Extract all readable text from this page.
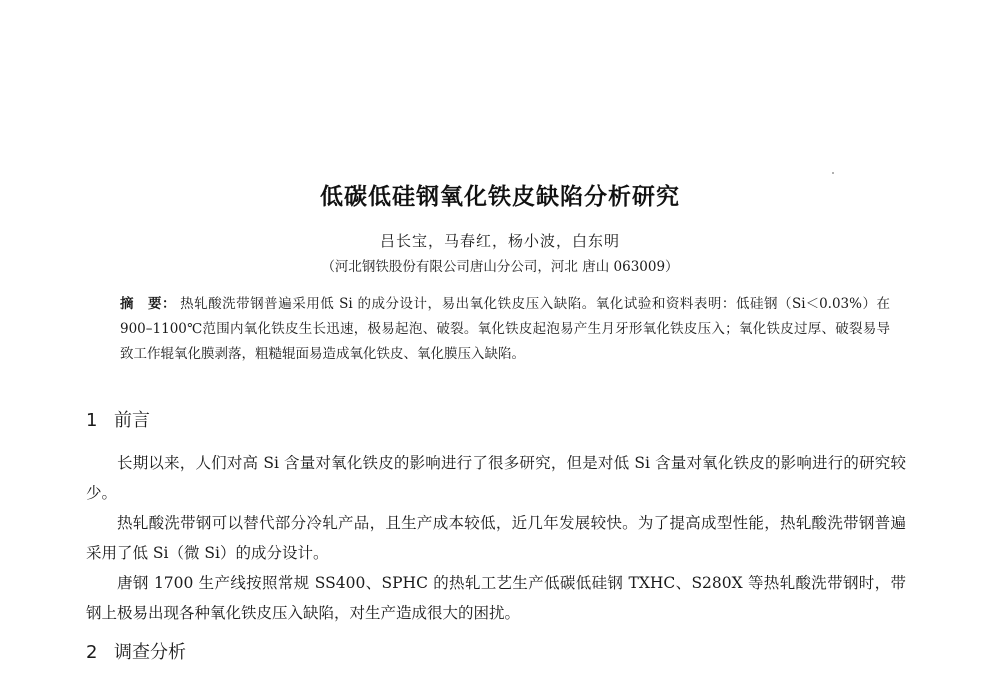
低碳低硅钢氧化铁皮缺陷分析研究
吕长宝，马春红，杨小波，白东明
（河北钢铁股份有限公司唐山分公司，河北 唐山 063009）
摘　要： 热轧酸洗带钢普遍采用低 Si 的成分设计，易出氧化铁皮压入缺陷。氧化试验和资料表明：低硅钢（Si＜0.03%）在 900–1100℃范围内氧化铁皮生长迅速，极易起泡、破裂。氧化铁皮起泡易产生月牙形氧化铁皮压入；氧化铁皮过厚、破裂易导致工作辊氧化膜剥落，粗糙辊面易造成氧化铁皮、氧化膜压入缺陷。
1 前言

长期以来，人们对高 Si 含量对氧化铁皮的影响进行了很多研究，但是对低 Si 含量对氧化铁皮的影响进行的研究较少。

热轧酸洗带钢可以替代部分冷轧产品，且生产成本较低，近几年发展较快。为了提高成型性能，热轧酸洗带钢普遍采用了低 Si（微 Si）的成分设计。

唐钢 1700 生产线按照常规 SS400、SPHC 的热轧工艺生产低碳低硅钢 TXHC、S280X 等热轧酸洗带钢时，带钢上极易出现各种氧化铁皮压入缺陷，对生产造成很大的困扰。

2 调查分析
